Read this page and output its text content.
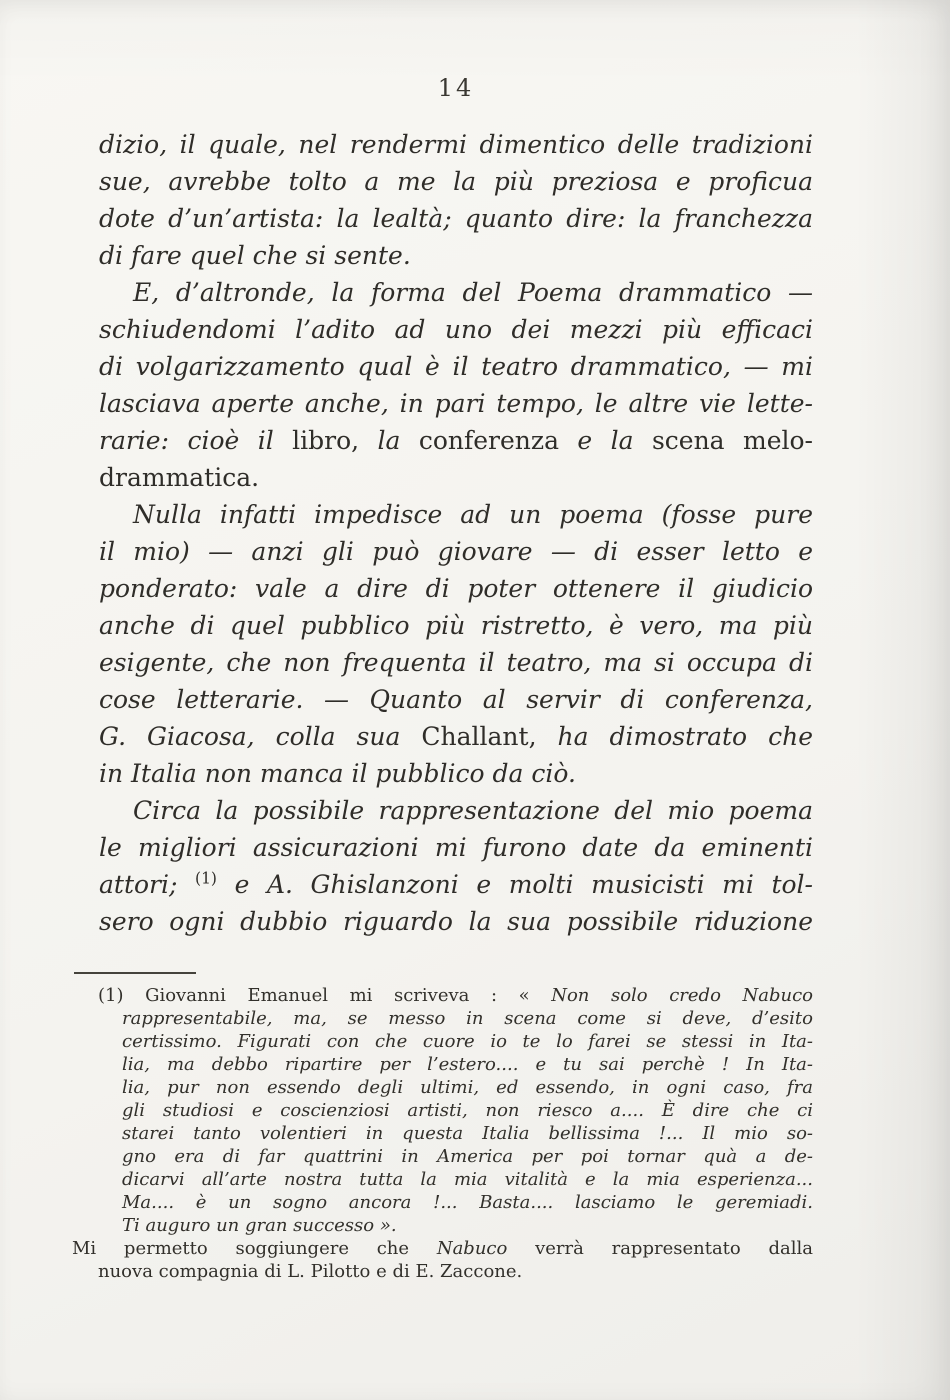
14
dizio, il quale, nel rendermi dimentico delle tradizioni
sue, avrebbe tolto a me la più preziosa e proficua
dote d’un’artista: la lealtà; quanto dire: la franchezza
di fare quel che si sente.
E, d’altronde, la forma del Poema drammatico —
schiudendomi l’adito ad uno dei mezzi più efficaci
di volgarizzamento qual è il teatro drammatico, — mi
lasciava aperte anche, in pari tempo, le altre vie lette-
rarie: cioè il libro, la conferenza e la scena melo-
drammatica.
Nulla infatti impedisce ad un poema (fosse pure
il mio) — anzi gli può giovare — di esser letto e
ponderato: vale a dire di poter ottenere il giudicio
anche di quel pubblico più ristretto, è vero, ma più
esigente, che non frequenta il teatro, ma si occupa di
cose letterarie. — Quanto al servir di conferenza,
G. Giacosa, colla sua Challant, ha dimostrato che
in Italia non manca il pubblico da ciò.
Circa la possibile rappresentazione del mio poema
le migliori assicurazioni mi furono date da eminenti
attori; $^{(1)}$ e A. Ghislanzoni e molti musicisti mi tol-
sero ogni dubbio riguardo la sua possibile riduzione
(1) Giovanni Emanuel mi scriveva : « Non solo credo Nabuco
rappresentabile, ma, se messo in scena come si deve, d’esito
certissimo. Figurati con che cuore io te lo farei se stessi in Ita-
lia, ma debbo ripartire per l’estero.... e tu sai perchè ! In Ita-
lia, pur non essendo degli ultimi, ed essendo, in ogni caso, fra
gli studiosi e coscienziosi artisti, non riesco a.... È dire che ci
starei tanto volentieri in questa Italia bellissima !... Il mio so-
gno era di far quattrini in America per poi tornar quà a de-
dicarvi all’arte nostra tutta la mia vitalità e la mia esperienza...
Ma.... è un sogno ancora !... Basta.... lasciamo le geremiadi.
Ti auguro un gran successo ».
Mi permetto soggiungere che Nabuco verrà rappresentato dalla
nuova compagnia di L. Pilotto e di E. Zaccone.
